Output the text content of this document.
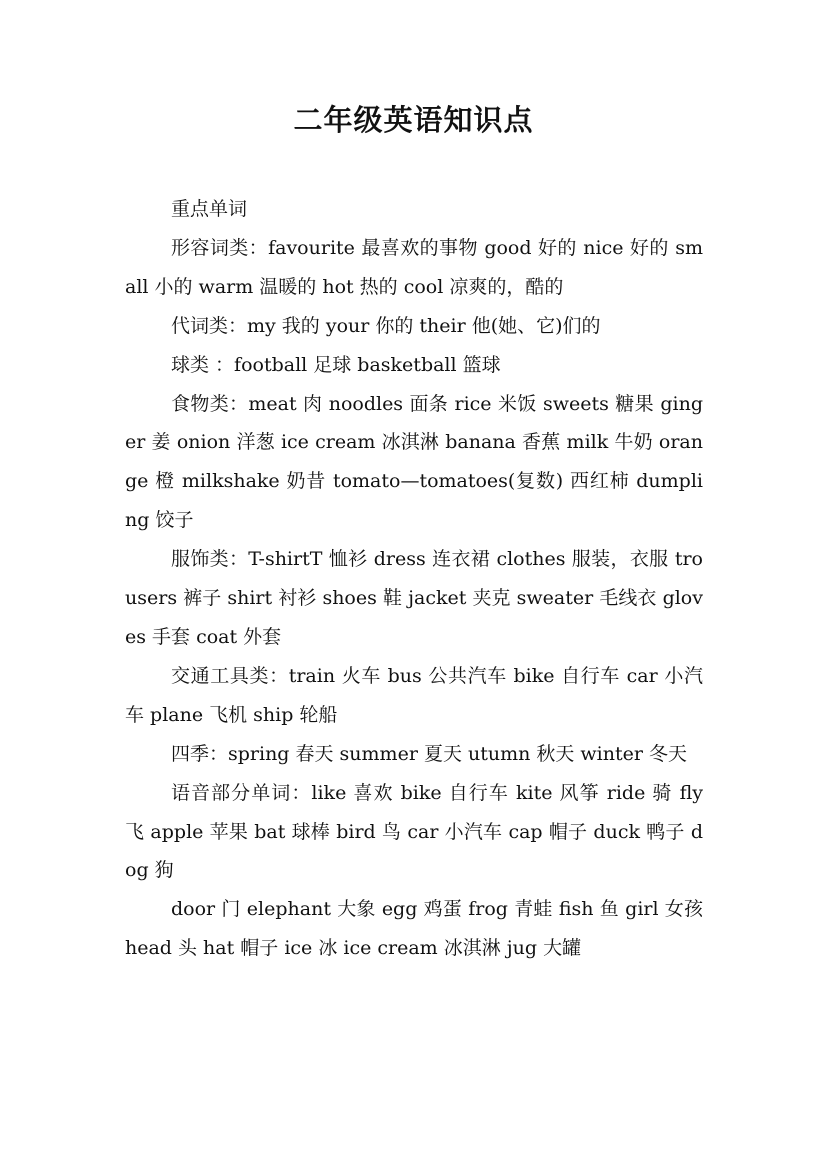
二年级英语知识点

重点单词

形容词类：favourite 最喜欢的事物 good 好的 nice 好的 small 小的 warm 温暖的 hot 热的 cool 凉爽的，酷的

代词类：my 我的 your 你的 their 他(她、它)们的

球类 ：football 足球 basketball 篮球

食物类：meat 肉 noodles 面条 rice 米饭 sweets 糖果 ginger 姜 onion 洋葱 ice cream 冰淇淋 banana 香蕉 milk 牛奶 orange 橙 milkshake 奶昔 tomato—tomatoes(复数) 西红柿 dumpling 饺子

服饰类：T-shirtT 恤衫 dress 连衣裙 clothes 服装，衣服 trousers 裤子 shirt 衬衫 shoes 鞋 jacket 夹克 sweater 毛线衣 gloves 手套 coat 外套

交通工具类：train 火车 bus 公共汽车 bike 自行车 car 小汽车 plane 飞机 ship 轮船

四季：spring 春天 summer 夏天 utumn 秋天 winter 冬天

语音部分单词：like 喜欢 bike 自行车 kite 风筝 ride 骑 fly 飞 apple 苹果 bat 球棒 bird 鸟 car 小汽车 cap 帽子 duck 鸭子 dog 狗

door 门 elephant 大象 egg 鸡蛋 frog 青蛙 fish 鱼 girl 女孩 head 头 hat 帽子 ice 冰 ice cream 冰淇淋 jug 大罐
